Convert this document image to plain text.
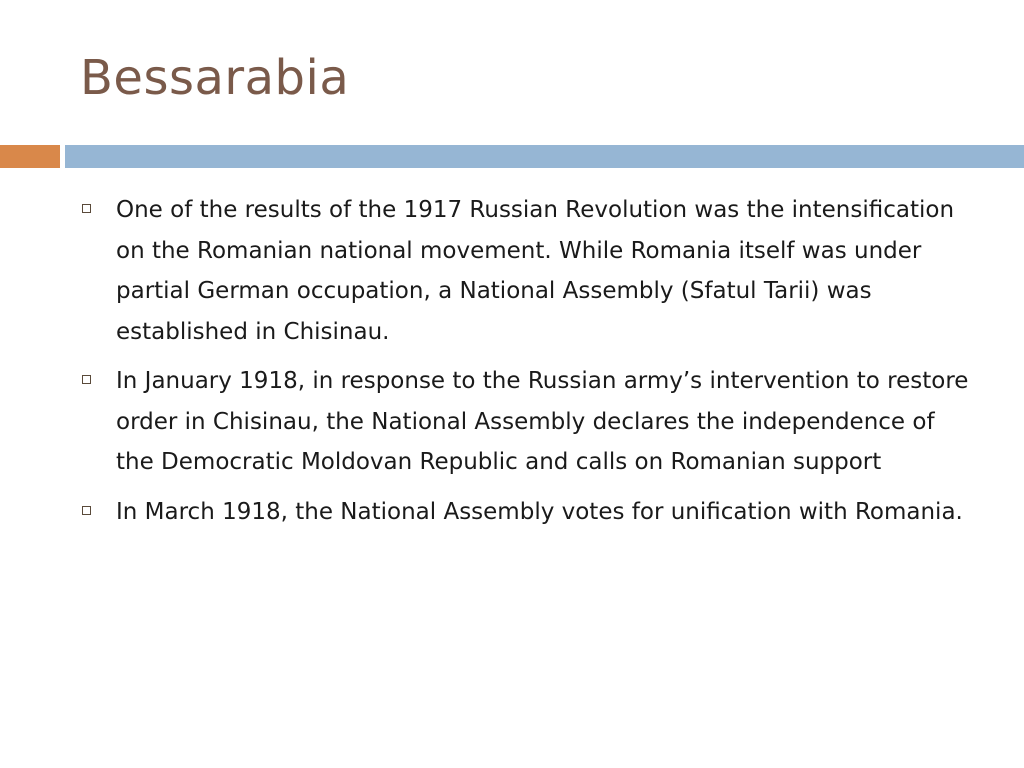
Bessarabia
One of the results of the 1917 Russian Revolution was the intensification on the Romanian national movement. While Romania itself was under partial German occupation, a National Assembly (Sfatul Tarii) was established in Chisinau.
In January 1918, in response to the Russian army’s intervention to restore order in Chisinau, the National Assembly declares the independence of the Democratic Moldovan Republic and calls on Romanian support
In March 1918, the National Assembly votes for unification with Romania.
